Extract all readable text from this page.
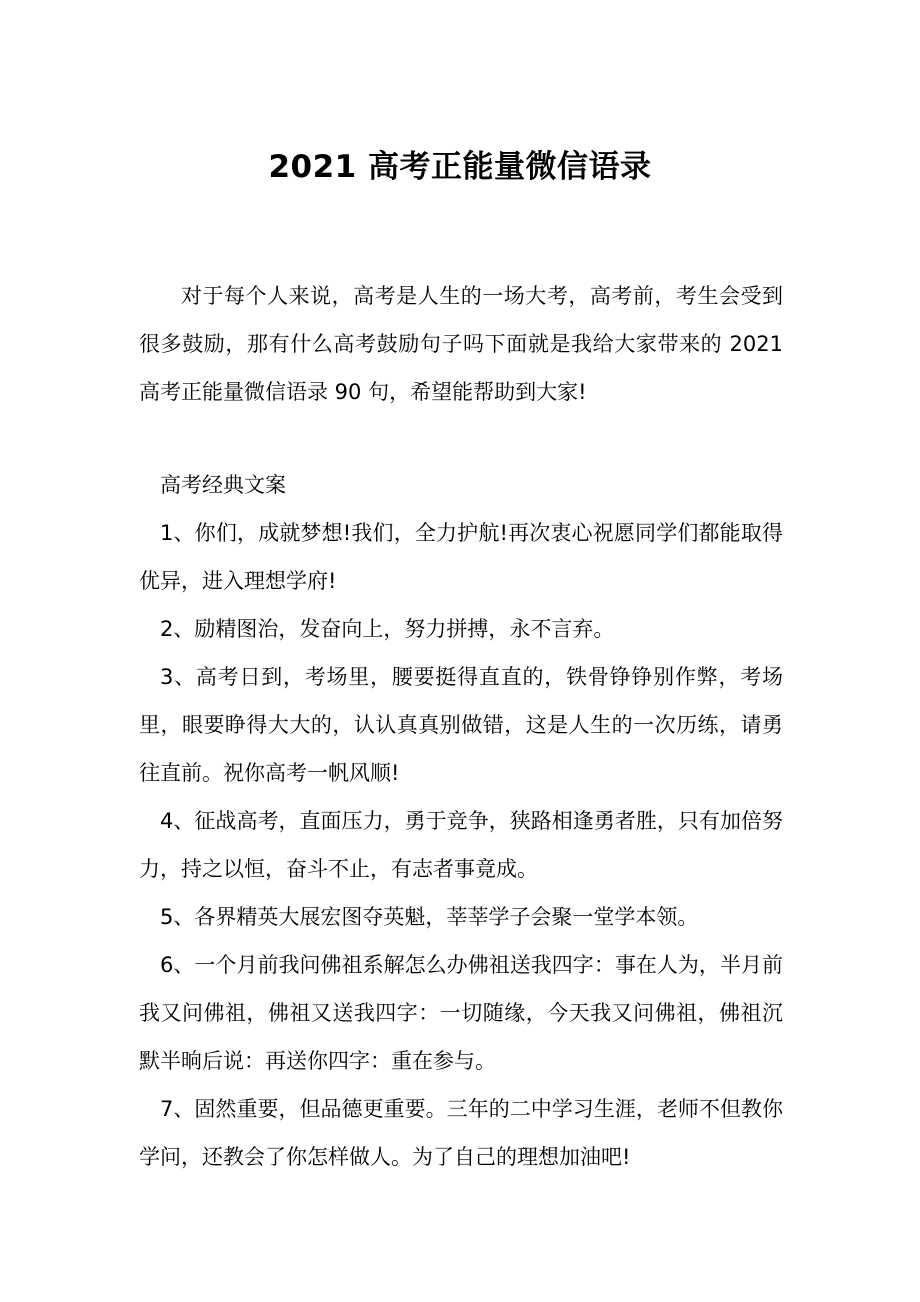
2021 高考正能量微信语录

对于每个人来说，高考是人生的一场大考，高考前，考生会受到很多鼓励，那有什么高考鼓励句子吗下面就是我给大家带来的 2021 高考正能量微信语录 90 句，希望能帮助到大家!

高考经典文案

1、你们，成就梦想!我们，全力护航!再次衷心祝愿同学们都能取得优异，进入理想学府!

2、励精图治，发奋向上，努力拼搏，永不言弃。

3、高考日到，考场里，腰要挺得直直的，铁骨铮铮别作弊，考场里，眼要睁得大大的，认认真真别做错，这是人生的一次历练，请勇往直前。祝你高考一帆风顺!

4、征战高考，直面压力，勇于竞争，狭路相逢勇者胜，只有加倍努力，持之以恒，奋斗不止，有志者事竟成。

5、各界精英大展宏图夺英魁，莘莘学子会聚一堂学本领。

6、一个月前我问佛祖系解怎么办佛祖送我四字：事在人为，半月前我又问佛祖，佛祖又送我四字：一切随缘，今天我又问佛祖，佛祖沉默半晌后说：再送你四字：重在参与。

7、固然重要，但品德更重要。三年的二中学习生涯，老师不但教你学问，还教会了你怎样做人。为了自己的理想加油吧!
